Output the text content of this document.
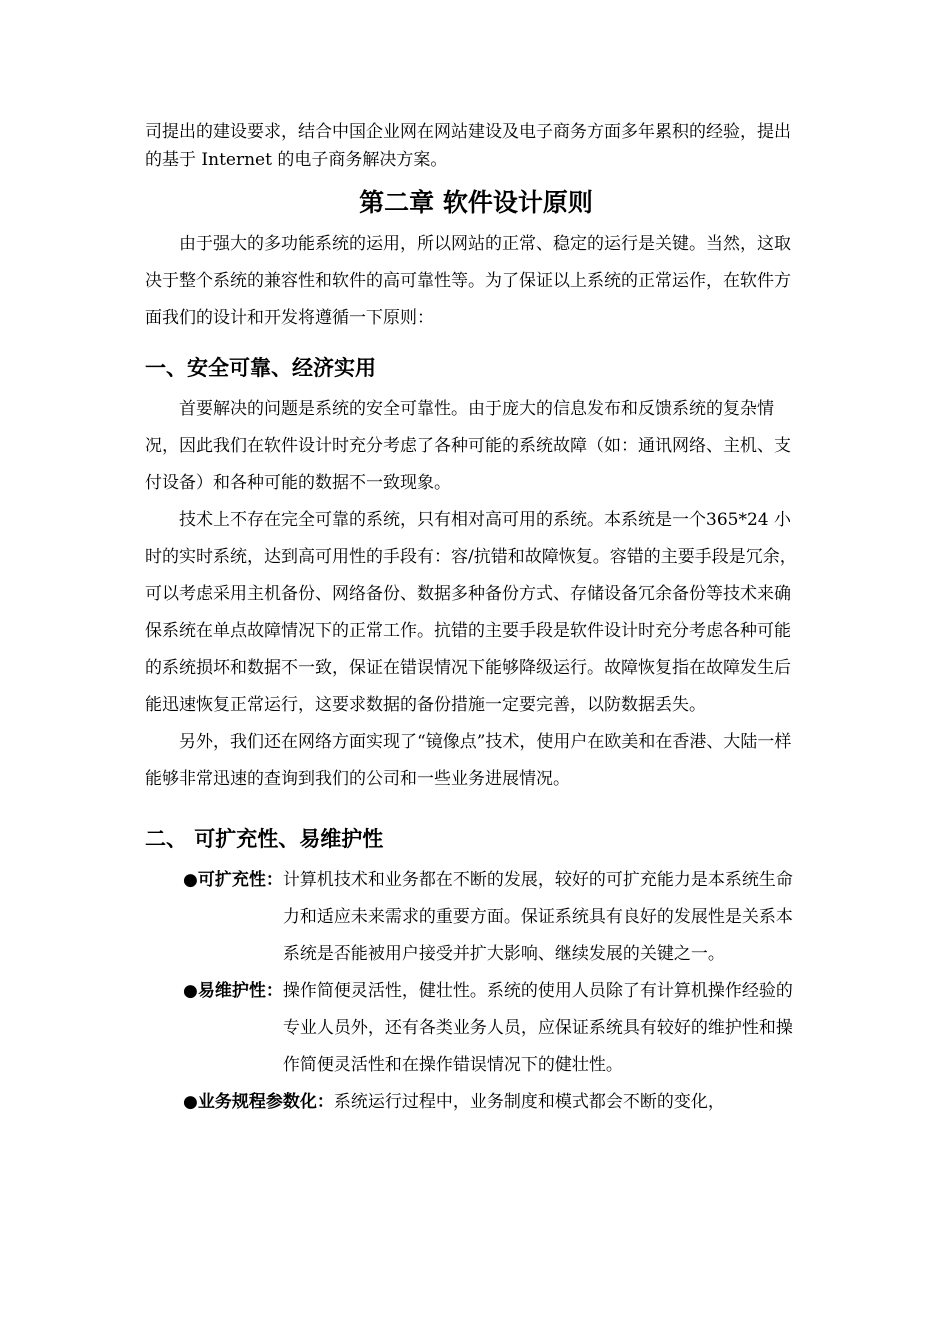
司提出的建设要求，结合中国企业网在网站建设及电子商务方面多年累积的经验，提出的基于 Internet 的电子商务解决方案。

第二章 软件设计原则

由于强大的多功能系统的运用，所以网站的正常、稳定的运行是关键。当然，这取决于整个系统的兼容性和软件的高可靠性等。为了保证以上系统的正常运作，在软件方面我们的设计和开发将遵循一下原则：

一、安全可靠、经济实用

首要解决的问题是系统的安全可靠性。由于庞大的信息发布和反馈系统的复杂情况，因此我们在软件设计时充分考虑了各种可能的系统故障（如：通讯网络、主机、支付设备）和各种可能的数据不一致现象。

技术上不存在完全可靠的系统，只有相对高可用的系统。本系统是一个365*24 小时的实时系统，达到高可用性的手段有：容/抗错和故障恢复。容错的主要手段是冗余，可以考虑采用主机备份、网络备份、数据多种备份方式、存储设备冗余备份等技术来确保系统在单点故障情况下的正常工作。抗错的主要手段是软件设计时充分考虑各种可能的系统损坏和数据不一致，保证在错误情况下能够降级运行。故障恢复指在故障发生后能迅速恢复正常运行，这要求数据的备份措施一定要完善，以防数据丢失。

另外，我们还在网络方面实现了“镜像点”技术，使用户在欧美和在香港、大陆一样能够非常迅速的查询到我们的公司和一些业务进展情况。

二、 可扩充性、易维护性
●可扩充性： 计算机技术和业务都在不断的发展，较好的可扩充能力是本系统生命力和适应未来需求的重要方面。保证系统具有良好的发展性是关系本系统是否能被用户接受并扩大影响、继续发展的关键之一。
●易维护性： 操作简便灵活性，健壮性。系统的使用人员除了有计算机操作经验的专业人员外，还有各类业务人员，应保证系统具有较好的维护性和操作简便灵活性和在操作错误情况下的健壮性。
●业务规程参数化： 系统运行过程中，业务制度和模式都会不断的变化，
